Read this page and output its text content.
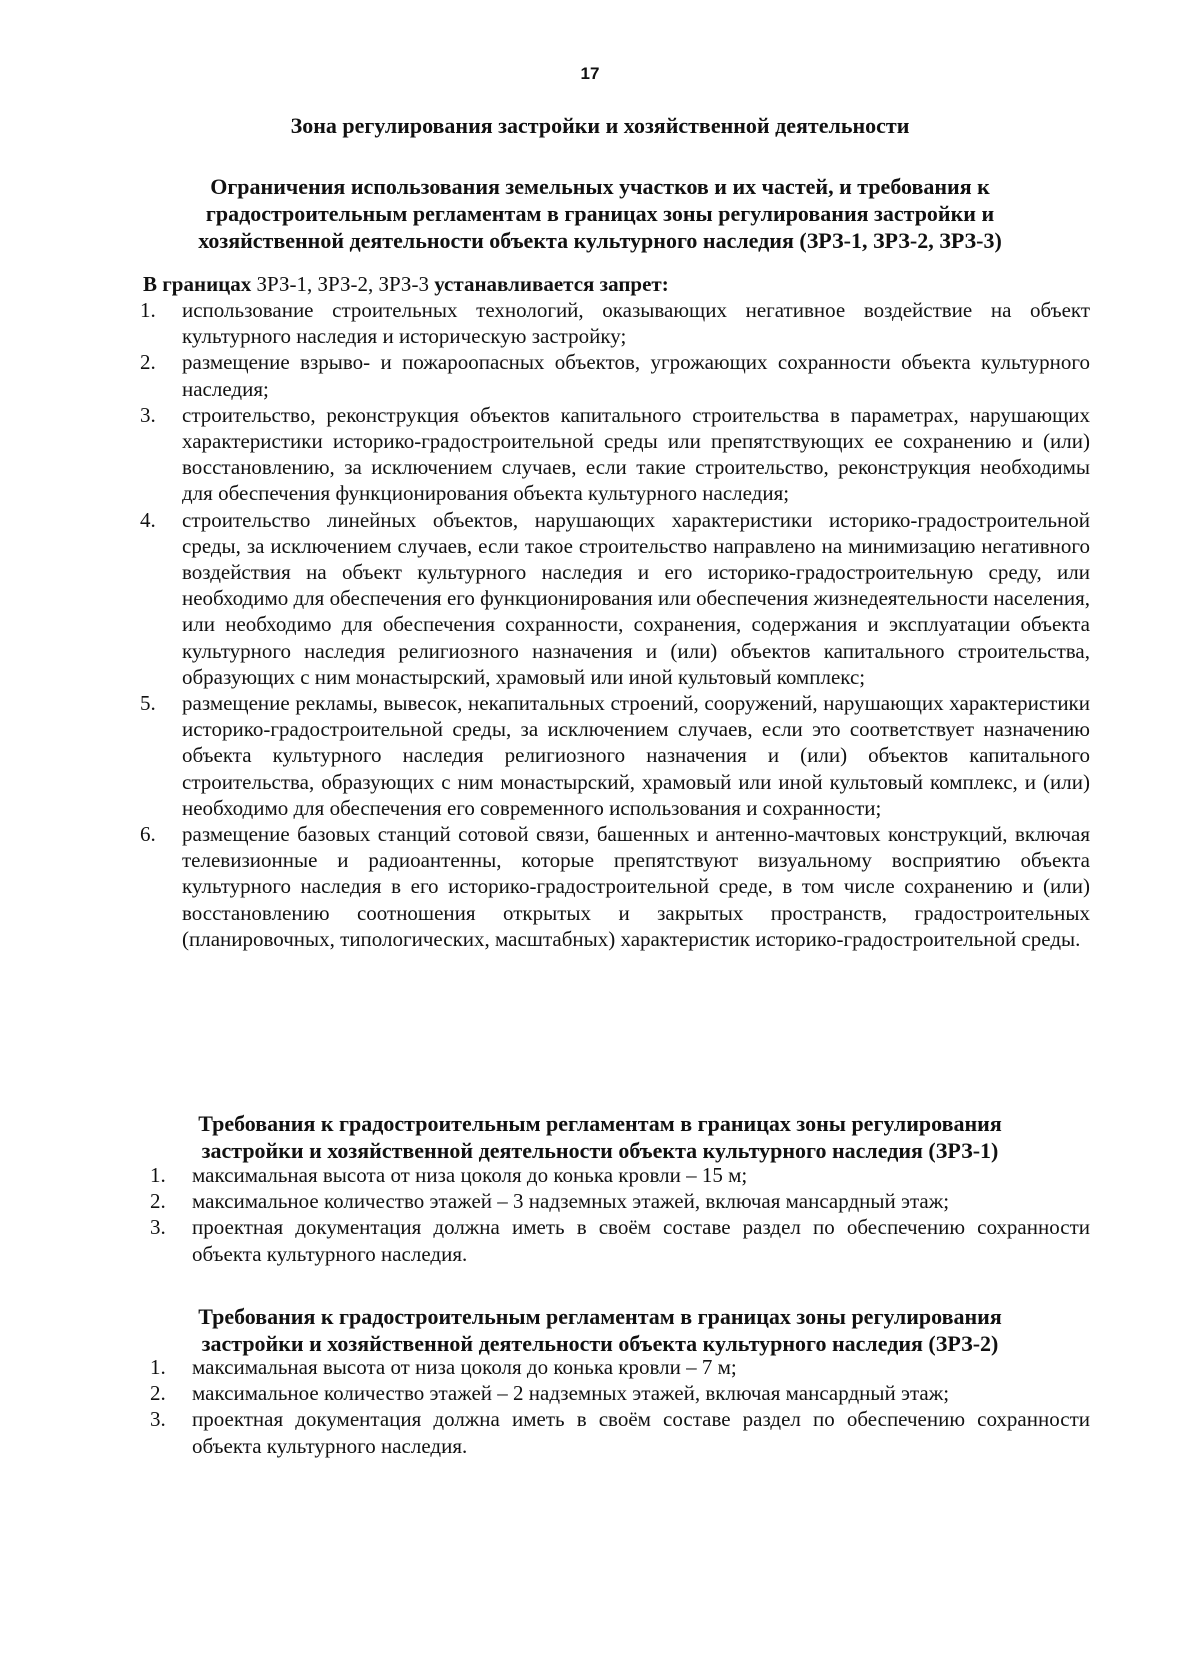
17
Зона регулирования застройки и хозяйственной деятельности
Ограничения использования земельных участков и их частей, и требования к градостроительным регламентам в границах зоны регулирования застройки и хозяйственной деятельности объекта культурного наследия (ЗРЗ-1, ЗРЗ-2, ЗРЗ-3)

В границах ЗРЗ-1, ЗРЗ-2, ЗРЗ-3 устанавливается запрет:

1.	использование строительных технологий, оказывающих негативное воздействие на объект культурного наследия и историческую застройку;
2.	размещение взрыво- и пожароопасных объектов, угрожающих сохранности объекта культурного наследия;
3.	строительство, реконструкция объектов капитального строительства в параметрах, нарушающих характеристики историко-градостроительной среды или препятствующих ее сохранению и (или) восстановлению, за исключением случаев, если такие строительство, реконструкция необходимы для обеспечения функционирования объекта культурного наследия;
4.	строительство линейных объектов, нарушающих характеристики историко-градостроительной среды, за исключением случаев, если такое строительство направлено на минимизацию негативного воздействия на объект культурного наследия и его историко-градостроительную среду, или необходимо для обеспечения его функционирования или обеспечения жизнедеятельности населения, или необходимо для обеспечения сохранности, сохранения, содержания и эксплуатации объекта культурного наследия религиозного назначения и (или) объектов капитального строительства, образующих с ним монастырский, храмовый или иной культовый комплекс;
5.	размещение рекламы, вывесок, некапитальных строений, сооружений, нарушающих характеристики историко-градостроительной среды, за исключением случаев, если это соответствует назначению объекта культурного наследия религиозного назначения и (или) объектов капитального строительства, образующих с ним монастырский, храмовый или иной культовый комплекс, и (или) необходимо для обеспечения его современного использования и сохранности;
6.	размещение базовых станций сотовой связи, башенных и антенно-мачтовых конструкций, включая телевизионные и радиоантенны, которые препятствуют визуальному восприятию объекта культурного наследия в его историко-градостроительной среде, в том числе сохранению и (или) восстановлению соотношения открытых и закрытых пространств, градостроительных (планировочных, типологических, масштабных) характеристик историко-градостроительной среды.
Требования к градостроительным регламентам в границах зоны регулирования застройки и хозяйственной деятельности объекта культурного наследия (ЗРЗ-1)
1.	максимальная высота от низа цоколя до конька кровли – 15 м;
2.	максимальное количество этажей – 3 надземных этажей, включая мансардный этаж;
3.	проектная документация должна иметь в своём составе раздел по обеспечению сохранности объекта культурного наследия.
Требования к градостроительным регламентам в границах зоны регулирования застройки и хозяйственной деятельности объекта культурного наследия (ЗРЗ-2)
1.	максимальная высота от низа цоколя до конька кровли – 7 м;
2.	максимальное количество этажей – 2 надземных этажей, включая мансардный этаж;
3.	проектная документация должна иметь в своём составе раздел по обеспечению сохранности объекта культурного наследия.
